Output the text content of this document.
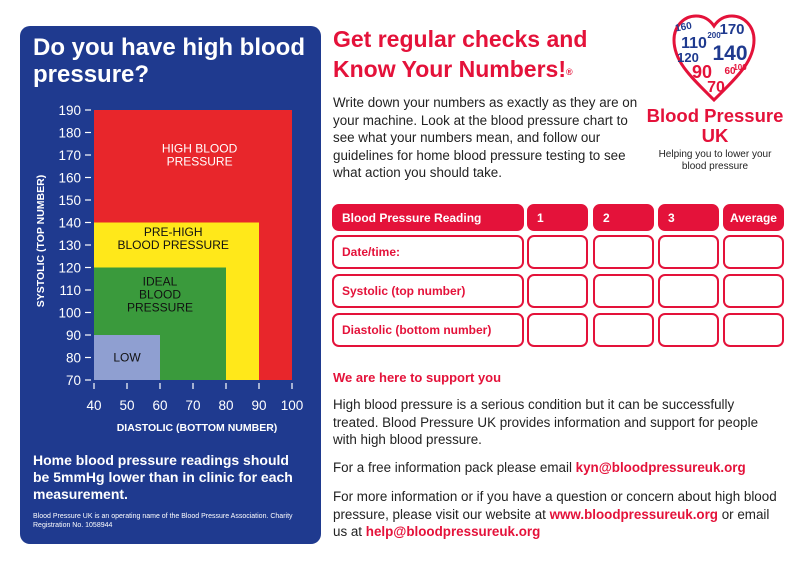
Do you have high blood pressure?
HIGH BLOOD
PRESSURE
PRE-HIGH
BLOOD PRESSURE
IDEAL
BLOOD
PRESSURE
LOW
70
80
90
100
110
120
130
140
150
160
170
180
190
40 50 60 70 80 90 100
DIASTOLIC (BOTTOM NUMBER)
SYSTOLIC (TOP NUMBER)
Home blood pressure readings should be 5mmHg lower than in clinic for each measurement.
Blood Pressure UK is an operating name of the Blood Pressure Association. Charity Registration No. 1058944
Get regular checks and
Know Your Numbers!®
Write down your numbers as exactly as they are on your machine. Look at the blood pressure chart to see what your numbers mean, and follow our guidelines for home blood pressure testing to see what action you should take.
160 170
110 200
120 140
90 60
100
70
Blood Pressure
UK
Helping you to lower your blood pressure
Blood Pressure Reading	1	2	3	Average
Date/time:
Systolic (top number)
Diastolic (bottom number)
We are here to support you
High blood pressure is a serious condition but it can be successfully treated. Blood Pressure UK provides information and support for people with high blood pressure.
For a free information pack please email kyn@bloodpressureuk.org
For more information or if you have a question or concern about high blood pressure, please visit our website at www.bloodpressureuk.org or email us at help@bloodpressureuk.org
